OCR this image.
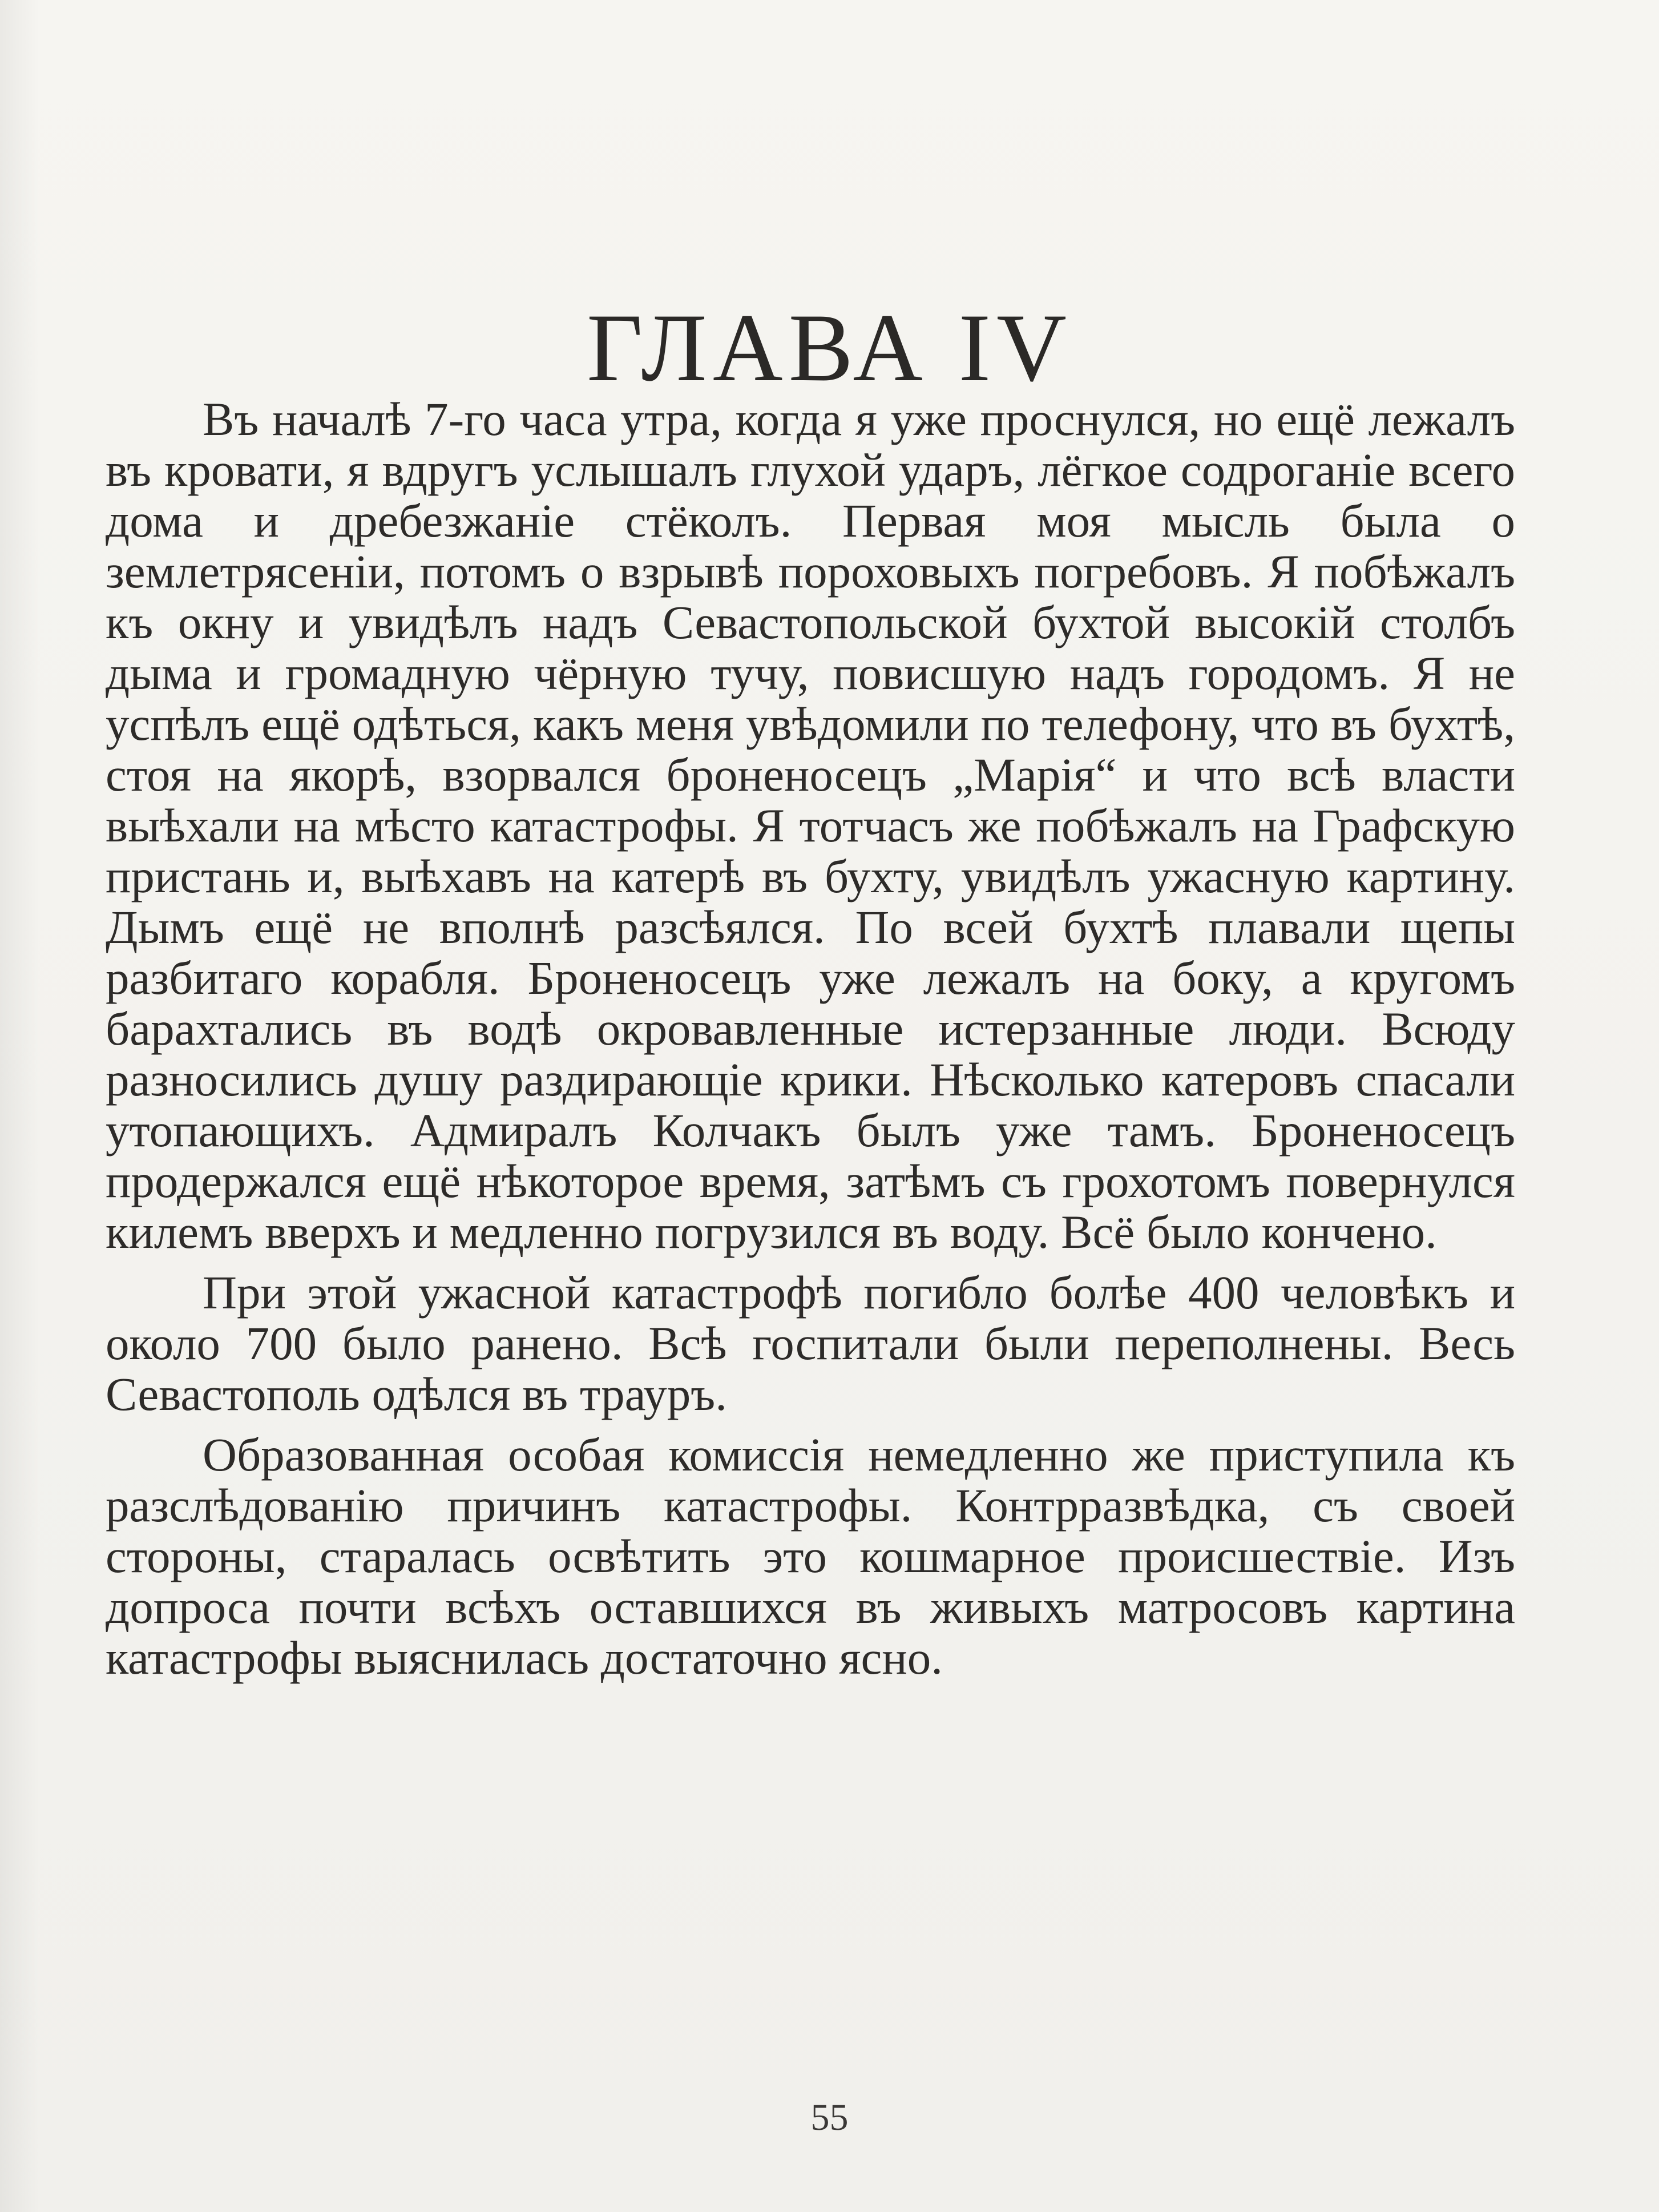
ГЛАВА IV

Въ началѣ 7-го часа утра, когда я уже проснулся, но ещё лежалъ въ кровати, я вдругъ услышалъ глухой ударъ, лёгкое содроганіе всего дома и дребезжаніе стёколъ. Первая моя мысль была о землетрясеніи, потомъ о взрывѣ пороховыхъ погребовъ. Я побѣжалъ къ окну и увидѣлъ надъ Севастопольской бухтой высокій столбъ дыма и громадную чёрную тучу, повисшую надъ городомъ. Я не успѣлъ ещё одѣться, какъ меня увѣдомили по телефону, что въ бухтѣ, стоя на якорѣ, взорвался броненосецъ „Марія“ и что всѣ власти выѣхали на мѣсто катастрофы. Я тотчасъ же побѣжалъ на Графскую пристань и, выѣхавъ на катерѣ въ бухту, увидѣлъ ужасную картину. Дымъ ещё не вполнѣ разсѣялся. По всей бухтѣ плавали щепы разбитаго корабля. Броненосецъ уже лежалъ на боку, а кругомъ барахтались въ водѣ окровавленные истерзанные люди. Всюду разносились душу раздирающіе крики. Нѣсколько катеровъ спасали утопающихъ. Адмиралъ Колчакъ былъ уже тамъ. Броненосецъ продержался ещё нѣкоторое время, затѣмъ съ грохотомъ повернулся килемъ вверхъ и медленно погрузился въ воду. Всё было кончено.

При этой ужасной катастрофѣ погибло болѣе 400 человѣкъ и около 700 было ранено. Всѣ госпитали были переполнены. Весь Севастополь одѣлся въ трауръ.

Образованная особая комиссія немедленно же приступила къ разслѣдованію причинъ катастрофы. Контрразвѣдка, съ своей стороны, старалась освѣтить это кошмарное происшествіе. Изъ допроса почти всѣхъ оставшихся въ живыхъ матросовъ картина катастрофы выяснилась достаточно ясно.

55
